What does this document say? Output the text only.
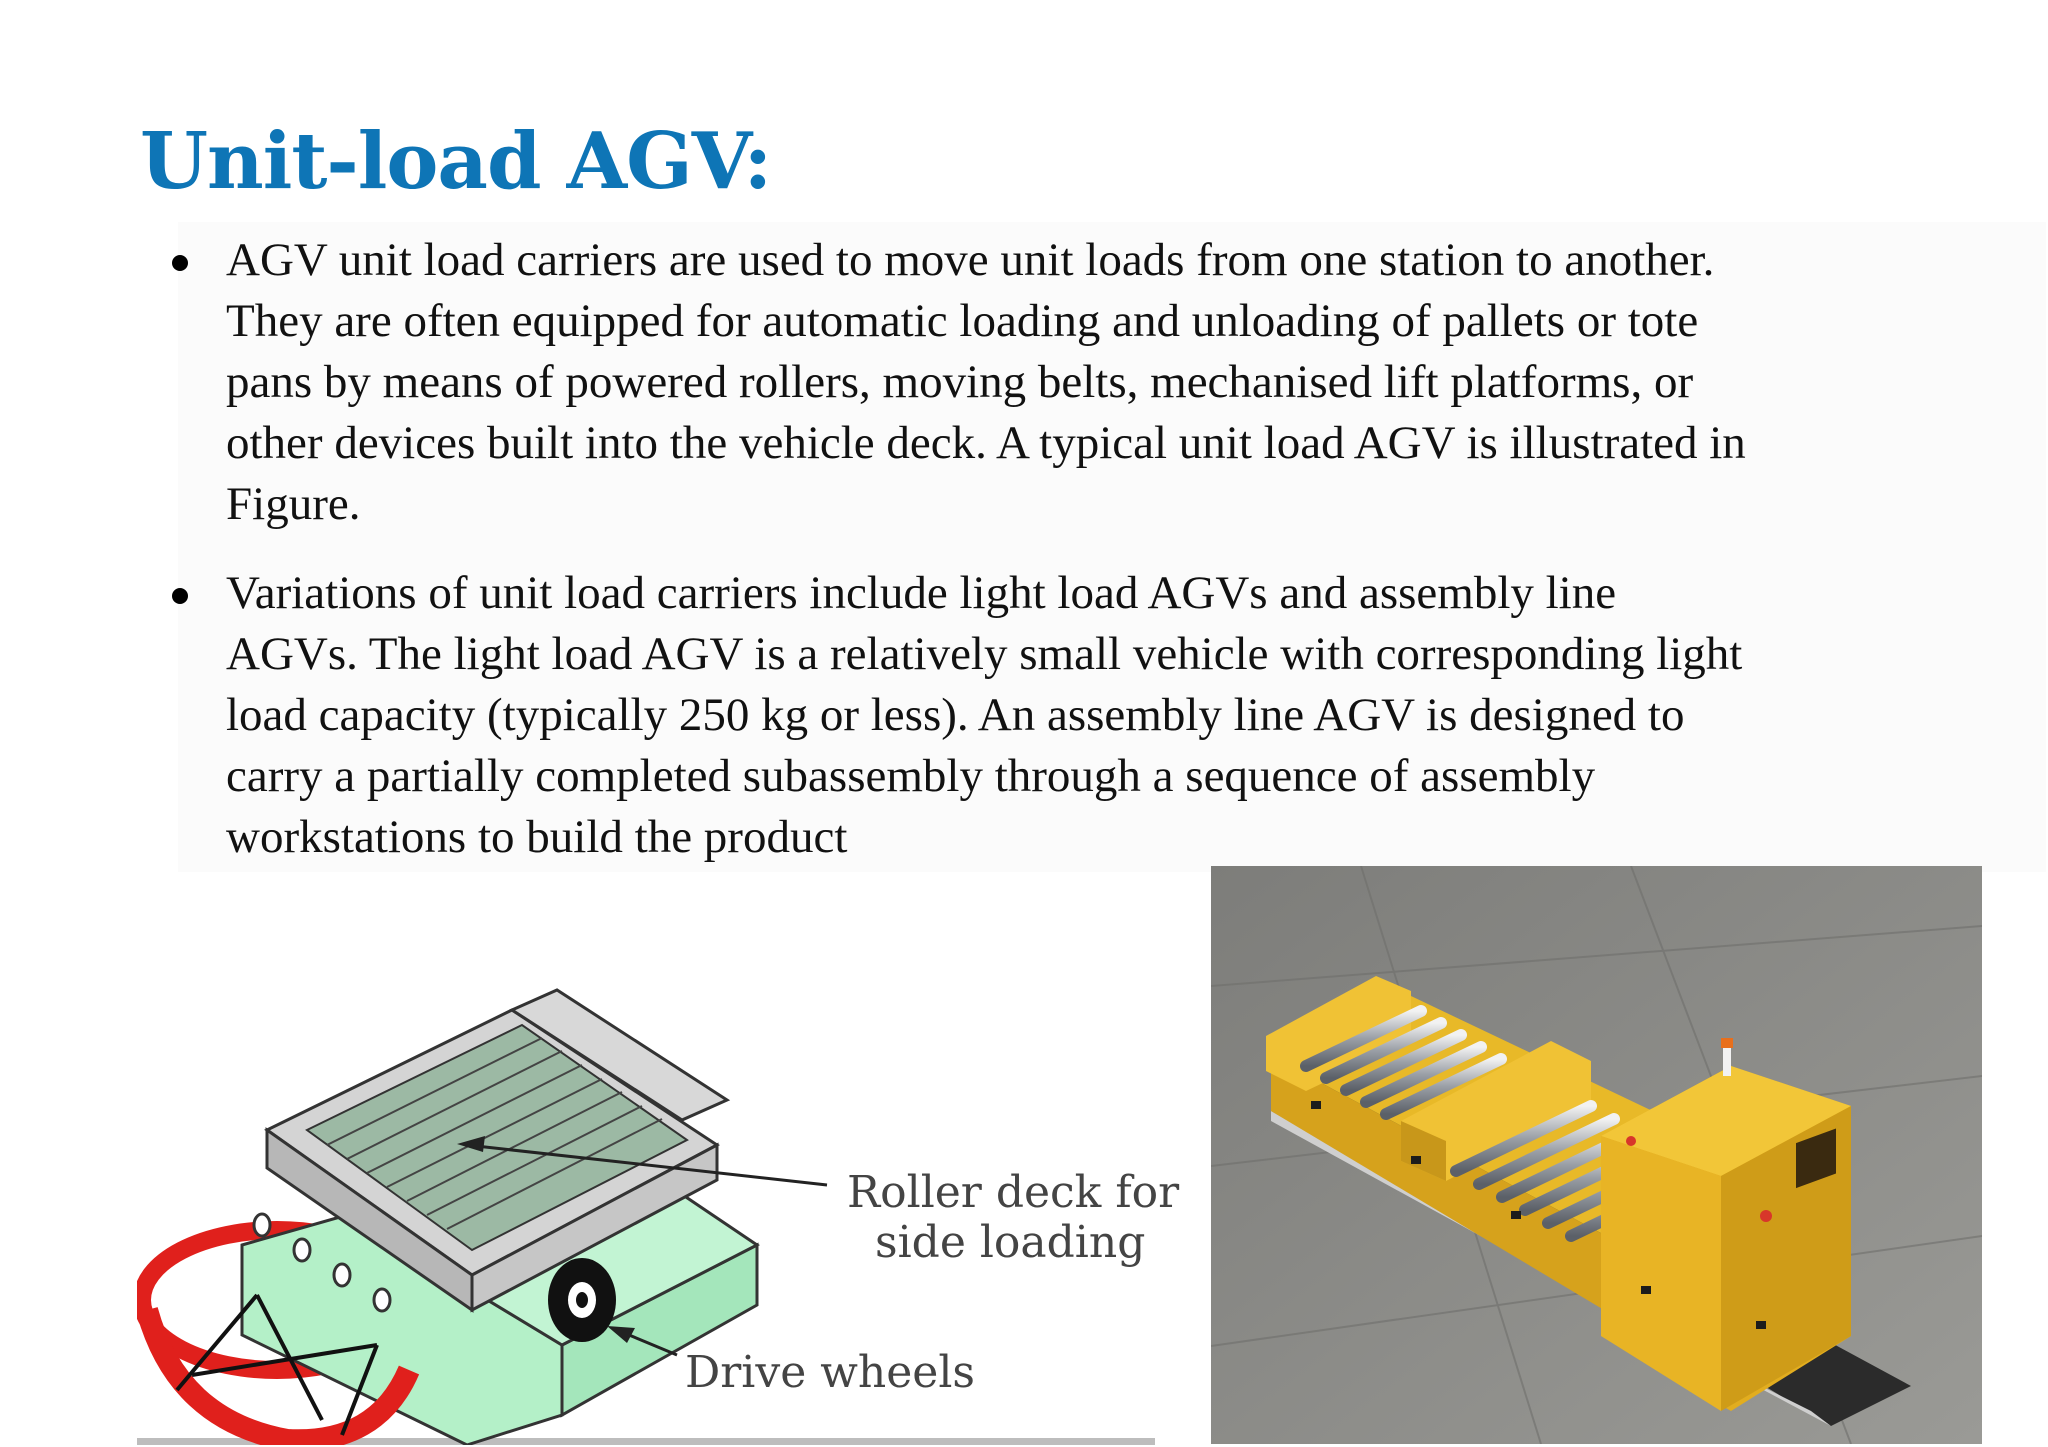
Unit-load AGV:
AGV unit load carriers are used to move unit loads from one station to another.
They are often equipped for automatic loading and unloading of pallets or tote
pans by means of powered rollers, moving belts, mechanised lift platforms, or
other devices built into the vehicle deck. A typical unit load AGV is illustrated in
Figure.
Variations of unit load carriers include light load AGVs and assembly line
AGVs. The light load AGV is a relatively small vehicle with corresponding light
load capacity (typically 250 kg or less). An assembly line AGV is designed to
carry a partially completed subassembly through a sequence of assembly
workstations to build the product
Roller deck for
side loading
Drive wheels
